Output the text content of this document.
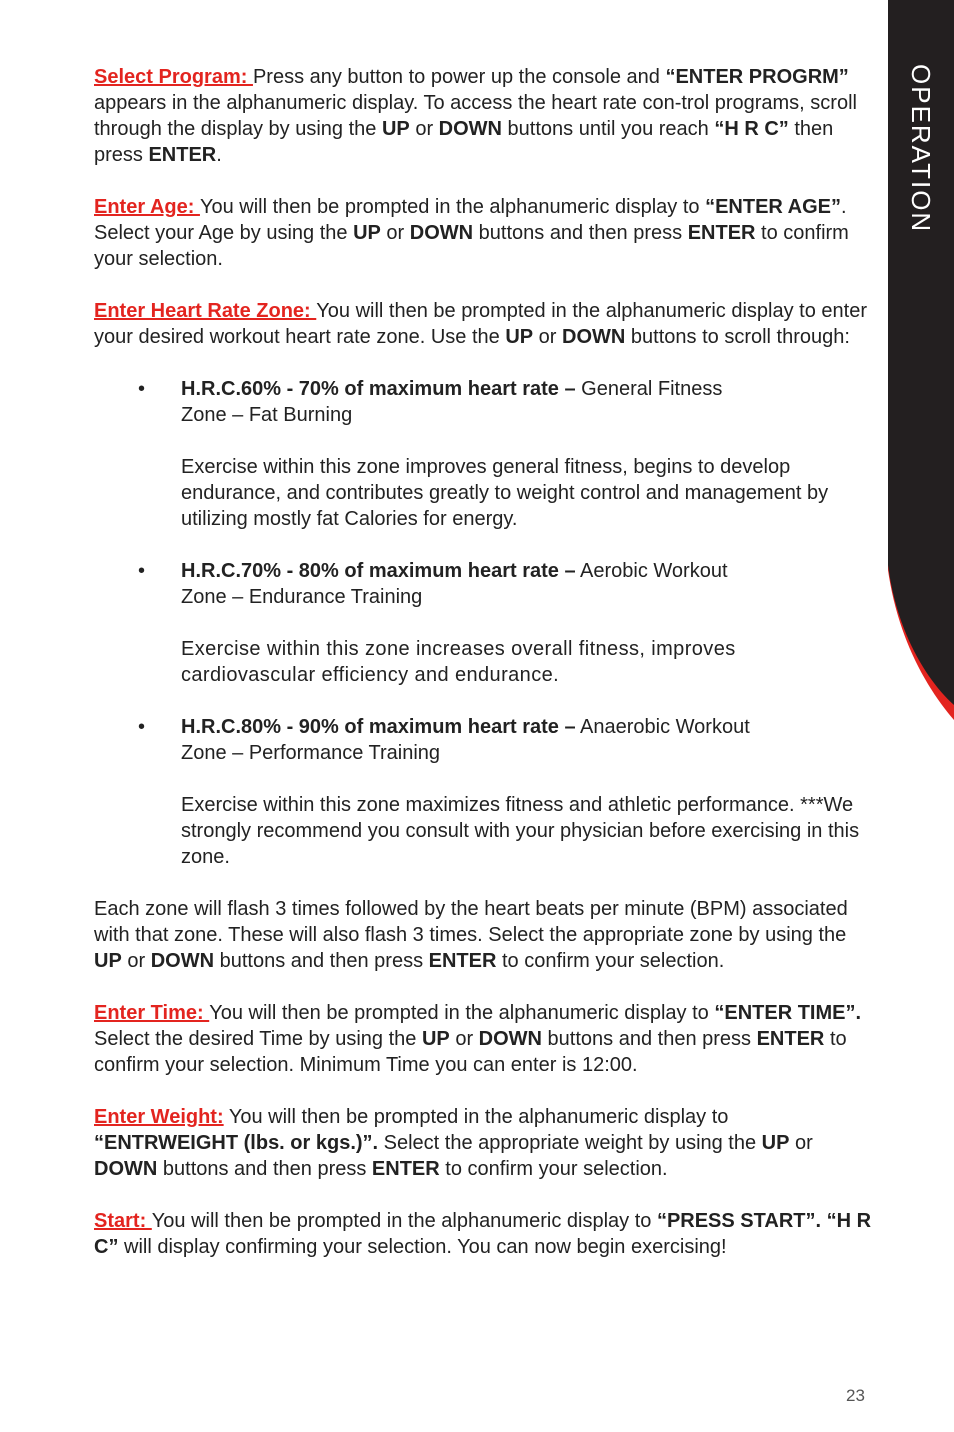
OPERATION

Select Program: Press any button to power up the console and “ENTER PROGRM” appears in the alphanumeric display. To access the heart rate con-trol programs, scroll through the display by using the UP or DOWN buttons until you reach “H R C” then press ENTER.

Enter Age: You will then be prompted in the alphanumeric display to “ENTER AGE”. Select your Age by using the UP or DOWN buttons and then press ENTER to confirm your selection.

Enter Heart Rate Zone: You will then be prompted in the alphanumeric display to enter your desired workout heart rate zone. Use the UP or DOWN buttons to scroll through:

• H.R.C.60% - 70% of maximum heart rate – General Fitness
Zone – Fat Burning

Exercise within this zone improves general fitness, begins to develop endurance, and contributes greatly to weight control and management by utilizing mostly fat Calories for energy.

• H.R.C.70% - 80% of maximum heart rate – Aerobic Workout
Zone – Endurance Training

Exercise within this zone increases overall fitness, improves cardiovascular efficiency and endurance.

• H.R.C.80% - 90% of maximum heart rate – Anaerobic Workout
Zone – Performance Training

Exercise within this zone maximizes fitness and athletic performance. ***We strongly recommend you consult with your physician before exercising in this zone.

Each zone will flash 3 times followed by the heart beats per minute (BPM) associated with that zone. These will also flash 3 times. Select the appropriate zone by using the UP or DOWN buttons and then press ENTER to confirm your selection.

Enter Time: You will then be prompted in the alphanumeric display to “ENTER TIME”. Select the desired Time by using the UP or DOWN buttons and then press ENTER to confirm your selection. Minimum Time you can enter is 12:00.

Enter Weight: You will then be prompted in the alphanumeric display to “ENTRWEIGHT (lbs. or kgs.)”. Select the appropriate weight by using the UP or DOWN buttons and then press ENTER to confirm your selection.

Start: You will then be prompted in the alphanumeric display to “PRESS START”. “H R C” will display confirming your selection. You can now begin exercising!

23
